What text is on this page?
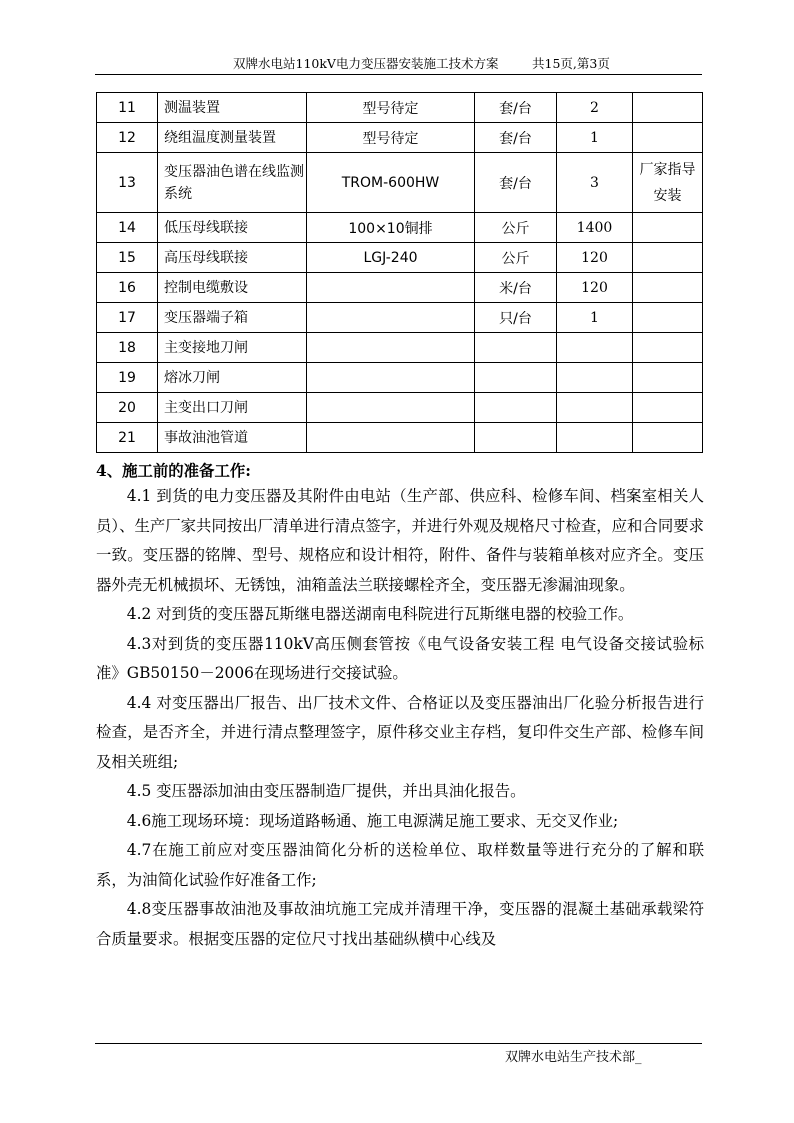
双牌水电站110kV电力变压器安装施工技术方案	共15页,第3页
11	测温装置	型号待定	套/台	2	
12	绕组温度测量装置	型号待定	套/台	1	
13	变压器油色谱在线监测系统	TROM-600HW	套/台	3	厂家指导安装
14	低压母线联接	100×10铜排	公斤	1400	
15	高压母线联接	LGJ-240	公斤	120	
16	控制电缆敷设		米/台	120	
17	变压器端子箱		只/台	1	
18	主变接地刀闸				
19	熔冰刀闸				
20	主变出口刀闸				
21	事故油池管道				
4、施工前的准备工作:

4.1 到货的电力变压器及其附件由电站（生产部、供应科、检修车间、档案室相关人员）、生产厂家共同按出厂清单进行清点签字，并进行外观及规格尺寸检查，应和合同要求一致。变压器的铭牌、型号、规格应和设计相符，附件、备件与装箱单核对应齐全。变压器外壳无机械损坏、无锈蚀，油箱盖法兰联接螺栓齐全，变压器无渗漏油现象。

4.2 对到货的变压器瓦斯继电器送湖南电科院进行瓦斯继电器的校验工作。

4.3对到货的变压器110kV高压侧套管按《电气设备安装工程 电气设备交接试验标准》GB50150－2006在现场进行交接试验。

4.4 对变压器出厂报告、出厂技术文件、合格证以及变压器油出厂化验分析报告进行检查，是否齐全，并进行清点整理签字，原件移交业主存档，复印件交生产部、检修车间及相关班组;

4.5 变压器添加油由变压器制造厂提供，并出具油化报告。

4.6施工现场环境：现场道路畅通、施工电源满足施工要求、无交叉作业;

4.7在施工前应对变压器油简化分析的送检单位、取样数量等进行充分的了解和联系，为油简化试验作好准备工作;

4.8变压器事故油池及事故油坑施工完成并清理干净，变压器的混凝土基础承载梁符合质量要求。根据变压器的定位尺寸找出基础纵横中心线及

双牌水电站生产技术部_
